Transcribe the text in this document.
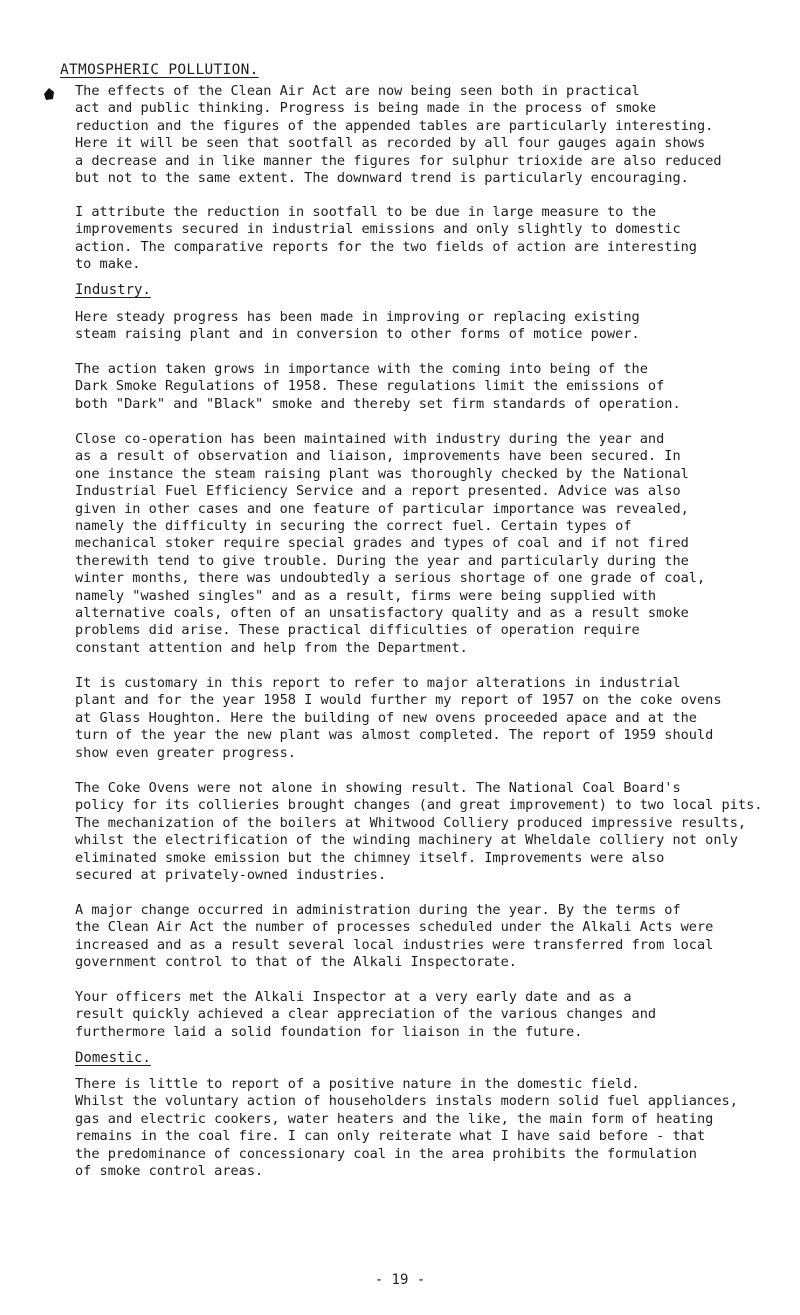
ATMOSPHERIC POLLUTION.

The effects of the Clean Air Act are now being seen both in practical
act and public thinking. Progress is being made in the process of smoke
reduction and the figures of the appended tables are particularly interesting.
Here it will be seen that sootfall as recorded by all four gauges again shows
a decrease and in like manner the figures for sulphur trioxide are also reduced
but not to the same extent. The downward trend is particularly encouraging.

I attribute the reduction in sootfall to be due in large measure to the
improvements secured in industrial emissions and only slightly to domestic
action. The comparative reports for the two fields of action are interesting
to make.

Industry.

Here steady progress has been made in improving or replacing existing
steam raising plant and in conversion to other forms of motice power.

The action taken grows in importance with the coming into being of the
Dark Smoke Regulations of 1958. These regulations limit the emissions of
both "Dark" and "Black" smoke and thereby set firm standards of operation.

Close co-operation has been maintained with industry during the year and
as a result of observation and liaison, improvements have been secured. In
one instance the steam raising plant was thoroughly checked by the National
Industrial Fuel Efficiency Service and a report presented. Advice was also
given in other cases and one feature of particular importance was revealed,
namely the difficulty in securing the correct fuel. Certain types of
mechanical stoker require special grades and types of coal and if not fired
therewith tend to give trouble. During the year and particularly during the
winter months, there was undoubtedly a serious shortage of one grade of coal,
namely "washed singles" and as a result, firms were being supplied with
alternative coals, often of an unsatisfactory quality and as a result smoke
problems did arise. These practical difficulties of operation require
constant attention and help from the Department.

It is customary in this report to refer to major alterations in industrial
plant and for the year 1958 I would further my report of 1957 on the coke ovens
at Glass Houghton. Here the building of new ovens proceeded apace and at the
turn of the year the new plant was almost completed. The report of 1959 should
show even greater progress.

The Coke Ovens were not alone in showing result. The National Coal Board's
policy for its collieries brought changes (and great improvement) to two local pits.
The mechanization of the boilers at Whitwood Colliery produced impressive results,
whilst the electrification of the winding machinery at Wheldale colliery not only
eliminated smoke emission but the chimney itself. Improvements were also
secured at privately-owned industries.

A major change occurred in administration during the year. By the terms of
the Clean Air Act the number of processes scheduled under the Alkali Acts were
increased and as a result several local industries were transferred from local
government control to that of the Alkali Inspectorate.

Your officers met the Alkali Inspector at a very early date and as a
result quickly achieved a clear appreciation of the various changes and
furthermore laid a solid foundation for liaison in the future.

Domestic.

There is little to report of a positive nature in the domestic field.
Whilst the voluntary action of householders instals modern solid fuel appliances,
gas and electric cookers, water heaters and the like, the main form of heating
remains in the coal fire. I can only reiterate what I have said before - that
the predominance of concessionary coal in the area prohibits the formulation
of smoke control areas.

- 19 -
